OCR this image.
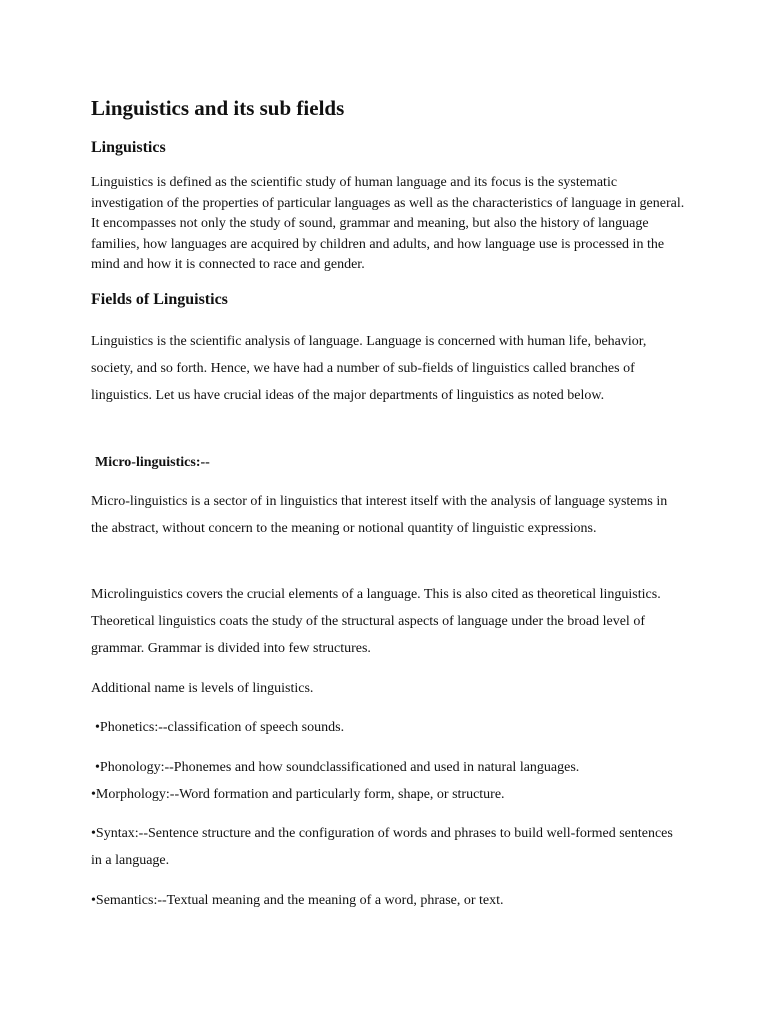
Linguistics and its sub fields
Linguistics

Linguistics is defined as the scientific study of human language and its focus is the systematic investigation of the properties of particular languages as well as the characteristics of language in general. It encompasses not only the study of sound, grammar and meaning, but also the history of language families, how languages are acquired by children and adults, and how language use is processed in the mind and how it is connected to race and gender.

Fields of Linguistics

Linguistics is the scientific analysis of language. Language is concerned with human life, behavior, society, and so forth. Hence, we have had a number of sub-fields of linguistics called branches of linguistics. Let us have crucial ideas of the major departments of linguistics as noted below.

Micro-linguistics:--

Micro-linguistics is a sector of in linguistics that interest itself with the analysis of language systems in the abstract, without concern to the meaning or notional quantity of linguistic expressions.

Microlinguistics covers the crucial elements of a language. This is also cited as theoretical linguistics. Theoretical linguistics coats the study of the structural aspects of language under the broad level of grammar. Grammar is divided into few structures.

Additional name is levels of linguistics.

•Phonetics:--classification of speech sounds.

•Phonology:--Phonemes and how soundclassificationed and used in natural languages.

•Morphology:--Word formation and particularly form, shape, or structure.

•Syntax:--Sentence structure and the configuration of words and phrases to build well-formed sentences in a language.

•Semantics:--Textual meaning and the meaning of a word, phrase, or text.
